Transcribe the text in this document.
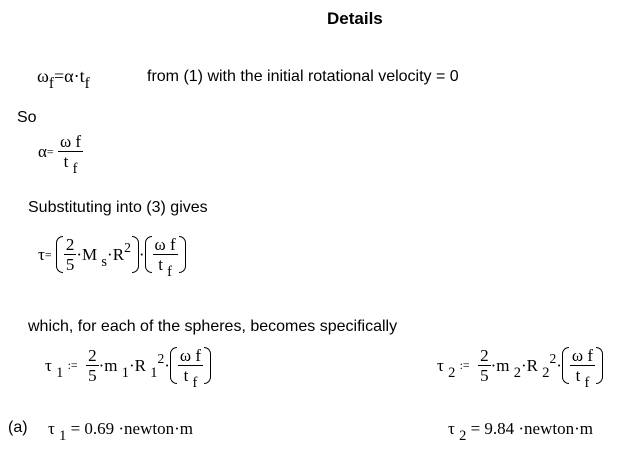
Details
ωf=α·tf	from (1) with the initial rotational velocity = 0
So
$\alpha= \frac{\text{ω f}}{t _f}$
Substituting into (3) gives
$\tau= \frac{2}{5} \cdot M$ $_s\cdot R^2 \cdot \frac{\text{ω f}}{t _f}$
which, for each of the spheres, becomes specifically
τ $_1$ := $\frac{2}{5} \cdot m$ $_1$·R $_1^2\cdot \frac{\text{ω f}}{t _f}$	τ $_2$ := $\frac{2}{5} \cdot m$ $_2$·R $_2^2\cdot \frac{\text{ω f}}{t _f}$
(a) τ $_1$ = 0.69 ·newton·m	τ $_2$ = 9.84 ·newton·m
